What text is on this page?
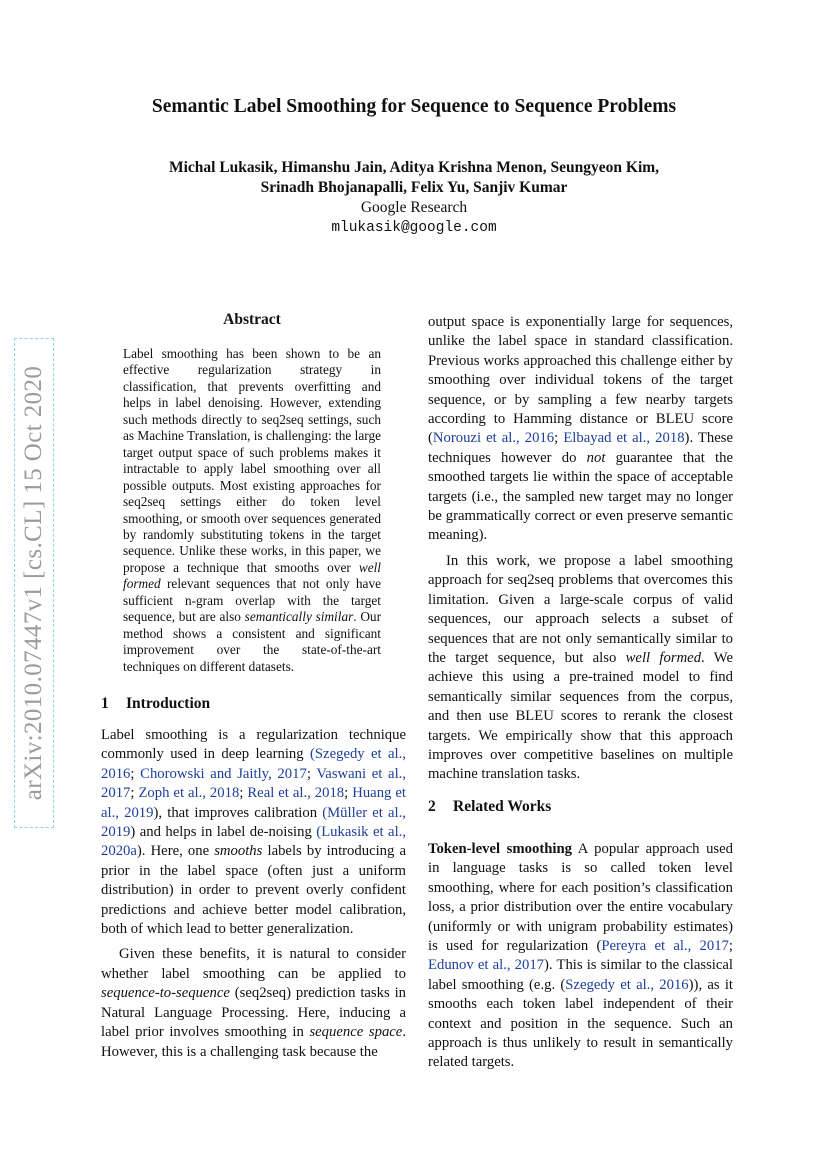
Semantic Label Smoothing for Sequence to Sequence Problems
Michal Lukasik, Himanshu Jain, Aditya Krishna Menon, Seungyeon Kim,
Srinadh Bhojanapalli, Felix Yu, Sanjiv Kumar
Google Research
mlukasik@google.com
arXiv:2010.07447v1 [cs.CL] 15 Oct 2020
Abstract
Label smoothing has been shown to be an effective regularization strategy in classification, that prevents overfitting and helps in label denoising. However, extending such methods directly to seq2seq settings, such as Machine Translation, is challenging: the large target output space of such problems makes it intractable to apply label smoothing over all possible outputs. Most existing approaches for seq2seq settings either do token level smoothing, or smooth over sequences generated by randomly substituting tokens in the target sequence. Unlike these works, in this paper, we propose a technique that smooths over well formed relevant sequences that not only have sufficient n-gram overlap with the target sequence, but are also semantically similar. Our method shows a consistent and significant improvement over the state-of-the-art techniques on different datasets.
1 Introduction

Label smoothing is a regularization technique commonly used in deep learning (Szegedy et al., 2016; Chorowski and Jaitly, 2017; Vaswani et al., 2017; Zoph et al., 2018; Real et al., 2018; Huang et al., 2019), that improves calibration (Müller et al., 2019) and helps in label de-noising (Lukasik et al., 2020a). Here, one smooths labels by introducing a prior in the label space (often just a uniform distribution) in order to prevent overly confident predictions and achieve better model calibration, both of which lead to better generalization.

Given these benefits, it is natural to consider whether label smoothing can be applied to sequence-to-sequence (seq2seq) prediction tasks in Natural Language Processing. Here, inducing a label prior involves smoothing in sequence space. However, this is a challenging task because the

output space is exponentially large for sequences, unlike the label space in standard classification. Previous works approached this challenge either by smoothing over individual tokens of the target sequence, or by sampling a few nearby targets according to Hamming distance or BLEU score (Norouzi et al., 2016; Elbayad et al., 2018). These techniques however do not guarantee that the smoothed targets lie within the space of acceptable targets (i.e., the sampled new target may no longer be grammatically correct or even preserve semantic meaning).

In this work, we propose a label smoothing approach for seq2seq problems that overcomes this limitation. Given a large-scale corpus of valid sequences, our approach selects a subset of sequences that are not only semantically similar to the target sequence, but also well formed. We achieve this using a pre-trained model to find semantically similar sequences from the corpus, and then use BLEU scores to rerank the closest targets. We empirically show that this approach improves over competitive baselines on multiple machine translation tasks.

2 Related Works

Token-level smoothing A popular approach used in language tasks is so called token level smoothing, where for each position’s classification loss, a prior distribution over the entire vocabulary (uniformly or with unigram probability estimates) is used for regularization (Pereyra et al., 2017; Edunov et al., 2017). This is similar to the classical label smoothing (e.g. (Szegedy et al., 2016)), as it smooths each token label independent of their context and position in the sequence. Such an approach is thus unlikely to result in semantically related targets.
